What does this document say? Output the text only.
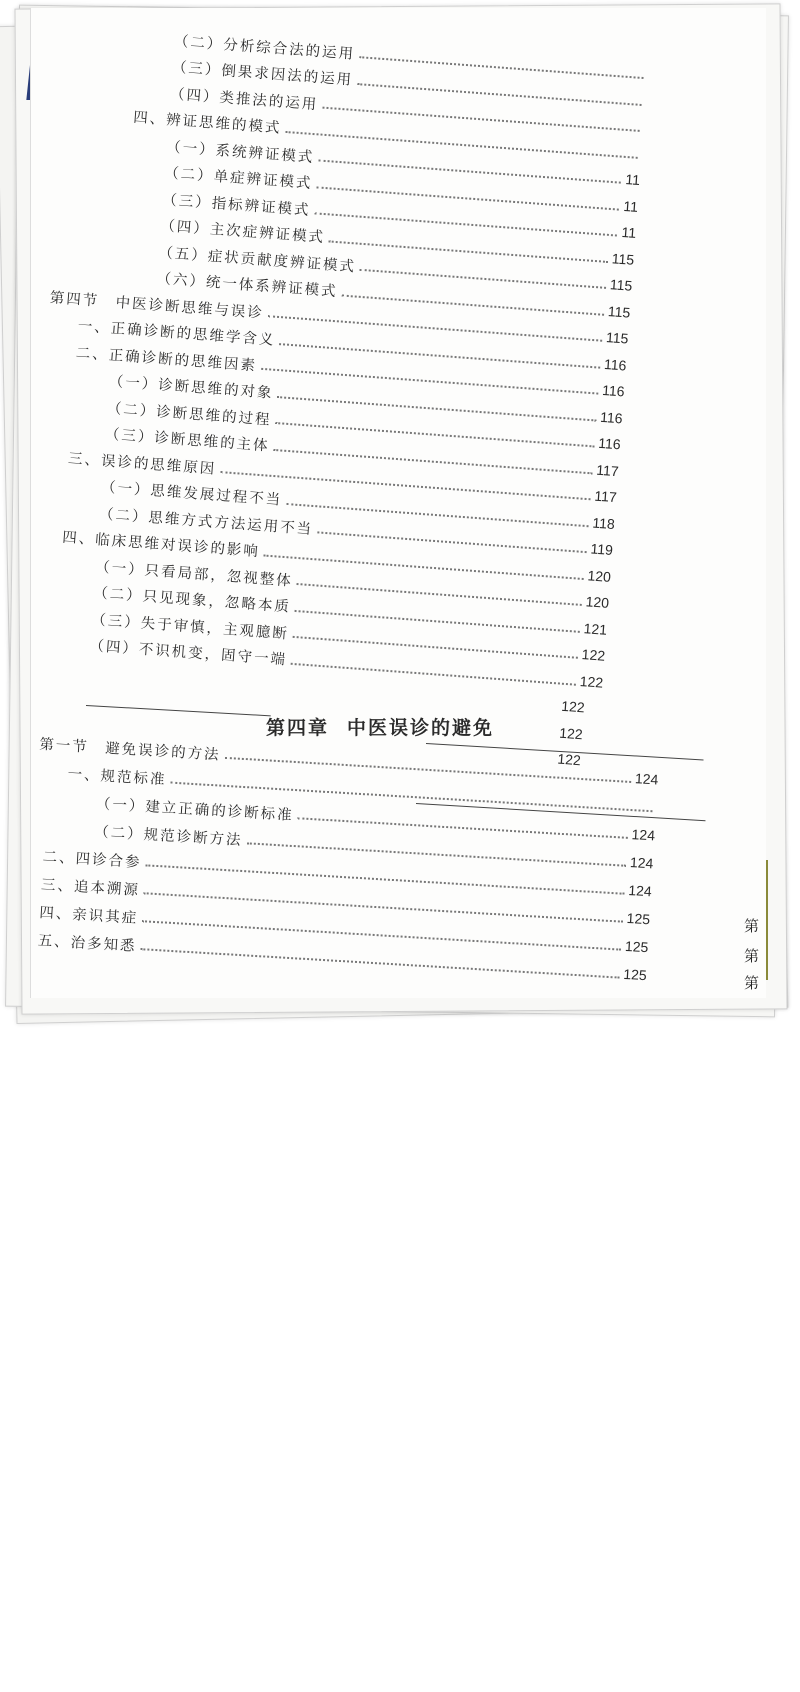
（二）分析综合法的运用
（三）倒果求因法的运用
（四）类推法的运用
四、辨证思维的模式
（一）系统辨证模式
11
（二）单症辨证模式
11
（三）指标辨证模式
11
（四）主次症辨证模式
115
（五）症状贡献度辨证模式
115
（六）统一体系辨证模式
115
第四节　中医诊断思维与误诊
115
一、正确诊断的思维学含义
116
二、正确诊断的思维因素
116
（一）诊断思维的对象
116
（二）诊断思维的过程
116
（三）诊断思维的主体
117
三、误诊的思维原因
117
（一）思维发展过程不当
118
（二）思维方式方法运用不当
119
四、临床思维对误诊的影响
120
（一）只看局部，忽视整体
120
（二）只见现象，忽略本质
121
（三）失于审慎，主观臆断
122
（四）不识机变，固守一端
122
122
122
122
第四章 中医误诊的避免
第一节　避免误诊的方法
124
一、规范标准
（一）建立正确的诊断标准
124
（二）规范诊断方法
124
二、四诊合参
124
三、追本溯源
125
四、亲识其症
125
五、治多知悉
125
第
第
第
